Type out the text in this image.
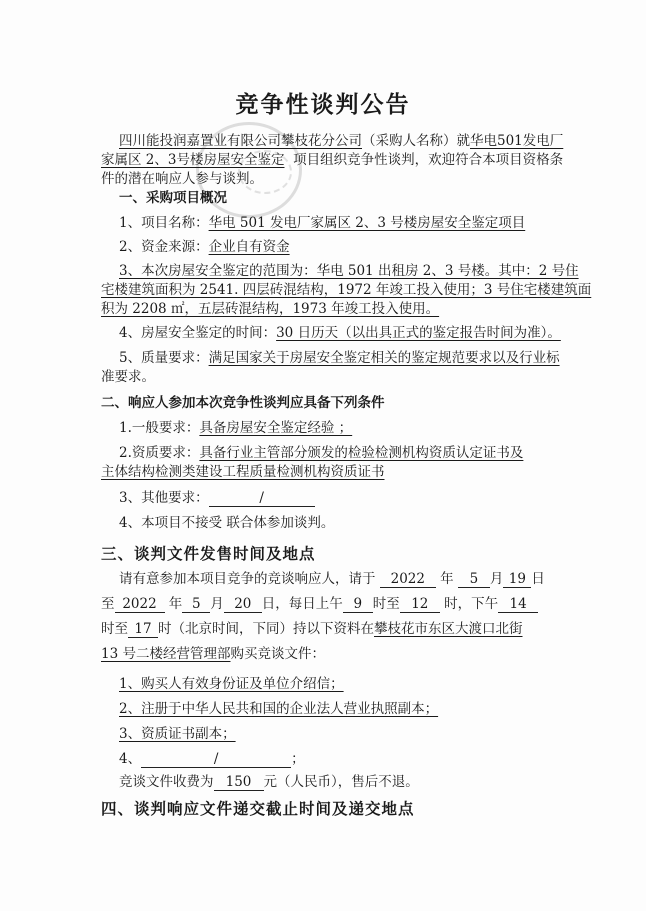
竞争性谈判公告
四川能投润嘉置业有限公司攀枝花分公司（采购人名称）就华电501发电厂
家属区 2、3号楼房屋安全鉴定 项目组织竞争性谈判，欢迎符合本项目资格条
件的潜在响应人参与谈判。
一、采购项目概况
1、项目名称：华电 501 发电厂家属区 2、3 号楼房屋安全鉴定项目
2、资金来源：企业自有资金
3、本次房屋安全鉴定的范围为：华电 501 出租房 2、3 号楼。其中：2 号住
宅楼建筑面积为 2541. 四层砖混结构，1972 年竣工投入使用；3 号住宅楼建筑面
积为 2208 ㎡，五层砖混结构，1973 年竣工投入使用。
4、房屋安全鉴定的时间：30 日历天（以出具正式的鉴定报告时间为准）。
5、质量要求：满足国家关于房屋安全鉴定相关的鉴定规范要求以及行业标
准要求。
二、响应人参加本次竞争性谈判应具备下列条件
1.一般要求：具备房屋安全鉴定经验 ；
2.资质要求：具备行业主管部分颁发的检验检测机构资质认定证书及
主体结构检测类建设工程质量检测机构资质证书
3、其他要求：	/
4、本项目不接受 联合体参加谈判。
三、谈判文件发售时间及地点
请有意参加本项目竞争的竞谈响应人，请于 2022 年 5 月 19 日
至 2022 年 5 月 20 日，每日上午 9 时至 12 时，下午 14
时至 17 时（北京时间，下同）持以下资料在攀枝花市东区大渡口北街
13 号二楼经营管理部购买竞谈文件：
1、购买人有效身份证及单位介绍信；
2、注册于中华人民共和国的企业法人营业执照副本；
3、资质证书副本；
4、	/	；
竞谈文件收费为 150 元（人民币），售后不退。
四、谈判响应文件递交截止时间及递交地点
